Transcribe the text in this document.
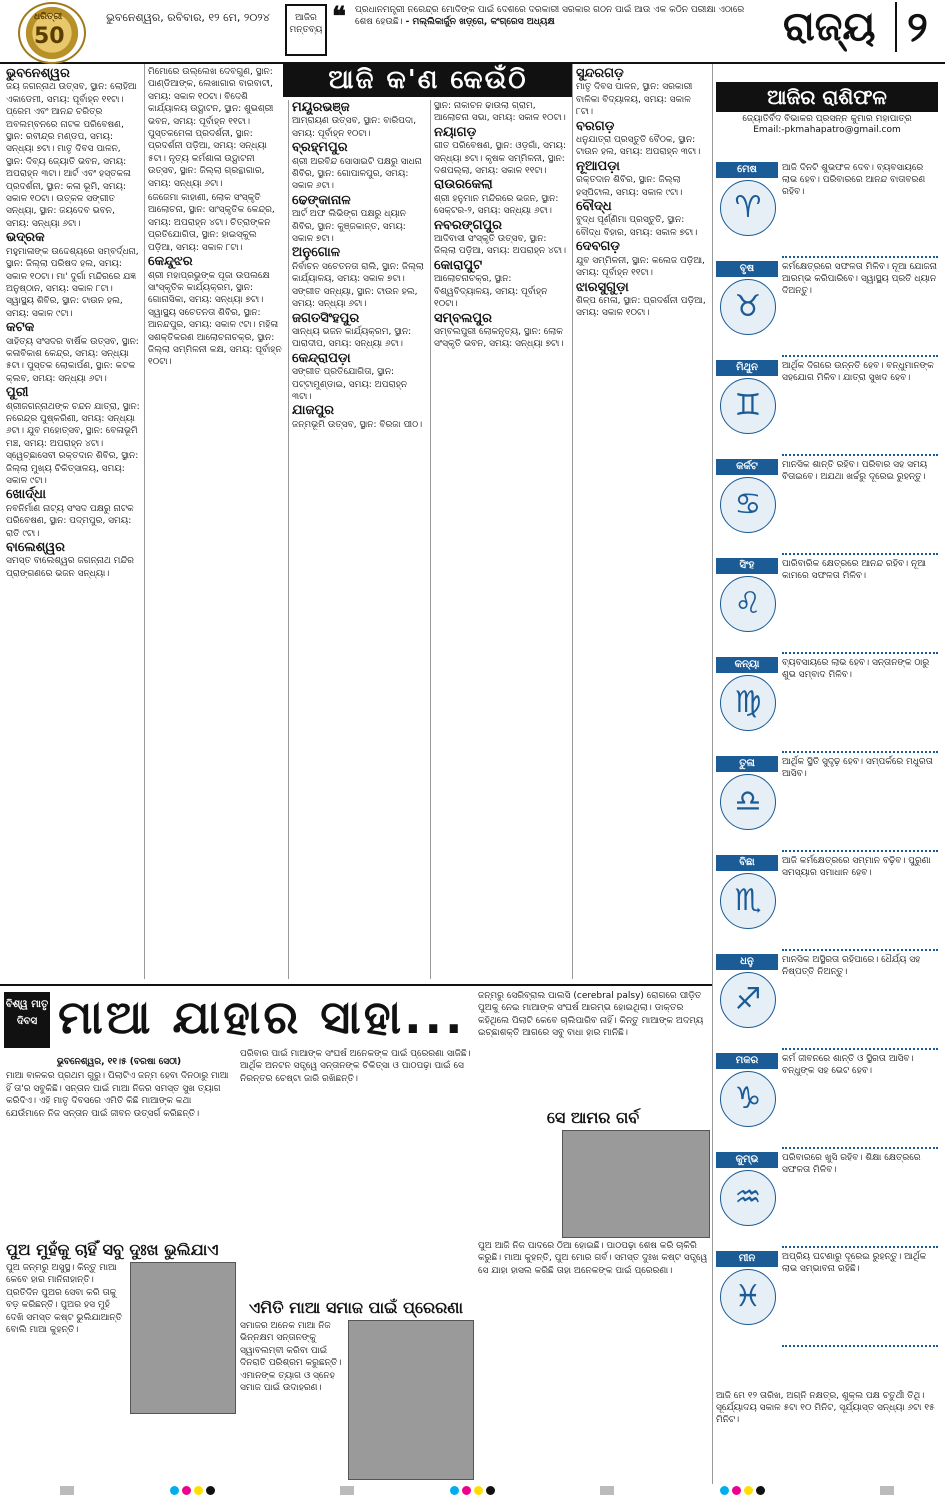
ଧରିତ୍ରୀ
50
ଭୁବନେଶ୍ୱର, ରବିବାର, ୧୨ ମେ, ୨୦୨୪	ଆଜିର ମନ୍ତବ୍ୟ ❝ ପ୍ରଧାନମନ୍ତ୍ରୀ ନରେନ୍ଦ୍ର ମୋଦିଙ୍କ ପାଇଁ ଦେଶରେ ଦରକାରୀ ସରକାର ଗଠନ ପାଇଁ ଆଉ ଏକ କଠିନ ପରୀକ୍ଷା ଏଠାରେ ଶେଷ ହେଉଛି। - ମଲ୍ଲିକାର୍ଜୁନ ଖଡ଼୍ଗେ, କଂଗ୍ରେସ ଅଧ୍ୟକ୍ଷ	ରାଜ୍ୟ ୨
ଆଜି କ'ଣ କେଉଁଠି
ଭୁବନେଶ୍ୱର

ଜୟ ଜଗନ୍ନାଥ ଉତ୍ସବ, ସ୍ଥାନ: ଲୋହିଆ ଏକାଡେମୀ, ସମୟ: ପୂର୍ବାହ୍ନ ୧୧ଟା। ପ୍ରେମ ଏବଂ ଆନନ୍ଦ ଚରିତ୍ର ଅବଲମ୍ବନରେ ନାଟକ ପରିବେଷଣ, ସ୍ଥାନ: ରବୀନ୍ଦ୍ର ମଣ୍ଡପ, ସମୟ: ସନ୍ଧ୍ୟା ୭ଟା। ମାତୃ ଦିବସ ପାଳନ, ସ୍ଥାନ: ଦିବ୍ୟ ଜ୍ୟୋତି ଭବନ, ସମୟ: ଅପରାହ୍ନ ୩ଟା। ଆର୍ଟ ଏବଂ ହସ୍ତକଳା ପ୍ରଦର୍ଶନୀ, ସ୍ଥାନ: କଳା ଭୂମି, ସମୟ: ସକାଳ ୧୦ଟା। ଉତ୍କଳ ସଙ୍ଗୀତ ସନ୍ଧ୍ୟା, ସ୍ଥାନ: ଜୟଦେବ ଭବନ, ସମୟ: ସନ୍ଧ୍ୟା ୬ଟା।

ଭଦ୍ରକ

ମହୁମାଳାଙ୍କ ଉଦ୍ଦେଶ୍ୟରେ ସମ୍ବର୍ଦ୍ଧନା, ସ୍ଥାନ: ଜିଲ୍ଲା ପରିଷଦ ହଲ, ସମୟ: ସକାଳ ୧୦ଟା। ମା' ଦୁର୍ଗା ମନ୍ଦିରରେ ଯଜ୍ଞ ଅନୁଷ୍ଠାନ, ସମୟ: ସକାଳ ୮ଟା। ସ୍ୱାସ୍ଥ୍ୟ ଶିବିର, ସ୍ଥାନ: ଟାଉନ ହଲ, ସମୟ: ସକାଳ ୯ଟା।

କଟକ

ସାହିତ୍ୟ ସଂସଦର ବାର୍ଷିକ ଉତ୍ସବ, ସ୍ଥାନ: କଳାବିକାଶ କେନ୍ଦ୍ର, ସମୟ: ସନ୍ଧ୍ୟା ୫ଟା। ପୁସ୍ତକ ଲୋକାର୍ପଣ, ସ୍ଥାନ: କଟକ କ୍ଲବ, ସମୟ: ସନ୍ଧ୍ୟା ୬ଟା।

ପୁରୀ

ଶ୍ରୀଜଗନ୍ନାଥଙ୍କ ଚନ୍ଦନ ଯାତ୍ରା, ସ୍ଥାନ: ନରେନ୍ଦ୍ର ପୁଷ୍କରିଣୀ, ସମୟ: ସନ୍ଧ୍ୟା ୬ଟା। ଯୁବ ମହୋତ୍ସବ, ସ୍ଥାନ: ବେଳାଭୂମି ମଞ୍ଚ, ସମୟ: ଅପରାହ୍ନ ୪ଟା। ସ୍ୱେଚ୍ଛାସେବୀ ରକ୍ତଦାନ ଶିବିର, ସ୍ଥାନ: ଜିଲ୍ଲା ମୁଖ୍ୟ ଚିକିତ୍ସାଳୟ, ସମୟ: ସକାଳ ୯ଟା।

ଖୋର୍ଦ୍ଧା

ନବନିର୍ମାଣ ନାଟ୍ୟ ସଂସଦ ପକ୍ଷରୁ ନାଟକ ପରିବେଷଣ, ସ୍ଥାନ: ପଦ୍ମପୁର, ସମୟ: ରାତି ୯ଟା।

ବାଲେଶ୍ୱର

ସମସ୍ତ ବାଲେଶ୍ୱର ଜଗନ୍ନାଥ ମନ୍ଦିର ପ୍ରାଙ୍ଗଣରେ ଭଜନ ସନ୍ଧ୍ୟା।

ମିମୋରେ ଉଲ୍ଲେଖ ଦେବଗୁଣ, ସ୍ଥାନ: ପାଣ୍ଡିଆଙ୍କ, ଲେଖାଗାର ବାରବାଟୀ, ସମୟ: ସକାଳ ୧୦ଟା। ବିଦେଶି କାର୍ଯ୍ୟାଳୟ ଉଦ୍ଘାଟନ, ସ୍ଥାନ: ଶୁଭଶ୍ରୀ ଭବନ, ସମୟ: ପୂର୍ବାହ୍ନ ୧୧ଟା। ପୁସ୍ତକମେଳା ପ୍ରଦର୍ଶନୀ, ସ୍ଥାନ: ପ୍ରଦର୍ଶନୀ ପଡ଼ିଆ, ସମୟ: ସନ୍ଧ୍ୟା ୫ଟା। ନୃତ୍ୟ କର୍ମଶାଳା ଉଦ୍ଘାଟନୀ ଉତ୍ସବ, ସ୍ଥାନ: ଜିଲ୍ଲା ଗ୍ରନ୍ଥାଗାର, ସମୟ: ସନ୍ଧ୍ୟା ୬ଟା।

ଜେଜେମା କାହାଣୀ, ଲୋକ ସଂସ୍କୃତି ଆଲୋଚନା, ସ୍ଥାନ: ସାଂସ୍କୃତିକ କେନ୍ଦ୍ର, ସମୟ: ଅପରାହ୍ନ ୪ଟା। ଚିତ୍ରାଙ୍କନ ପ୍ରତିଯୋଗିତା, ସ୍ଥାନ: ହାଇସ୍କୁଲ ପଡ଼ିଆ, ସମୟ: ସକାଳ ୮ଟା।

କେନ୍ଦୁଝର

ଶ୍ରୀ ମହାପ୍ରଭୁଙ୍କ ପୂଜା ଉପଲକ୍ଷେ ସାଂସ୍କୃତିକ କାର୍ଯ୍ୟକ୍ରମ, ସ୍ଥାନ: ଗୋନାସିକା, ସମୟ: ସନ୍ଧ୍ୟା ୭ଟା। ସ୍ୱାସ୍ଥ୍ୟ ସଚେତନତା ଶିବିର, ସ୍ଥାନ: ଆନନ୍ଦପୁର, ସମୟ: ସକାଳ ୯ଟା। ମହିଳା ସଶକ୍ତିକରଣ ଆଲୋଚନାଚକ୍ର, ସ୍ଥାନ: ଜିଲ୍ଲା ସମ୍ମିଳନୀ କକ୍ଷ, ସମୟ: ପୂର୍ବାହ୍ନ ୧୦ଟା।

ମୟୂରଭଞ୍ଜ

ଆମ୍ରାୟଣ ଉତ୍ସବ, ସ୍ଥାନ: ବାରିପଦା, ସମୟ: ପୂର୍ବାହ୍ନ ୧୦ଟା।

ବ୍ରହ୍ମପୁର

ଶ୍ରୀ ଅରବିନ୍ଦ ସୋସାଇଟି ପକ୍ଷରୁ ସାଧନା ଶିବିର, ସ୍ଥାନ: ଗୋପାଳପୁର, ସମୟ: ସକାଳ ୬ଟା।

ଢେଙ୍କାନାଳ

ଆର୍ଟ ଅଫ ଲିଭିଙ୍ଗ ପକ୍ଷରୁ ଧ୍ୟାନ ଶିବିର, ସ୍ଥାନ: କୁଞ୍ଜକାନ୍ତ, ସମୟ: ସକାଳ ୭ଟା।

ଅନୁଗୋଳ

ନିର୍ବାଚନ ସଚେତନତା ରାଲି, ସ୍ଥାନ: ଜିଲ୍ଲା କାର୍ଯ୍ୟାଳୟ, ସମୟ: ସକାଳ ୭ଟା। ସଙ୍ଗୀତ ସନ୍ଧ୍ୟା, ସ୍ଥାନ: ଟାଉନ ହଲ, ସମୟ: ସନ୍ଧ୍ୟା ୬ଟା।

ଜଗତସିଂହପୁର

ସାନ୍ଧ୍ୟ ଭଜନ କାର୍ଯ୍ୟକ୍ରମ, ସ୍ଥାନ: ପାରାଦୀପ, ସମୟ: ସନ୍ଧ୍ୟା ୬ଟା।

କେନ୍ଦ୍ରାପଡ଼ା

ସଙ୍ଗୀତ ପ୍ରତିଯୋଗିତା, ସ୍ଥାନ: ପଟ୍ଟାମୁଣ୍ଡାଇ, ସମୟ: ଅପରାହ୍ନ ୩ଟା।

ଯାଜପୁର

ଜନ୍ମଭୂମି ଉତ୍ସବ, ସ୍ଥାନ: ବିରଜା ପୀଠ।

ସ୍ଥାନ: ନାକାଚନ ଢାଉଲା ଗ୍ରାମ, ଆଲୋଚନା ସଭା, ସମୟ: ସକାଳ ୧୦ଟା।

ନୟାଗଡ଼

ଗୀତ ପରିବେଷଣ, ସ୍ଥାନ: ଓଡ଼ଗାଁ, ସମୟ: ସନ୍ଧ୍ୟା ୭ଟା। କୃଷକ ସମ୍ମିଳନୀ, ସ୍ଥାନ: ଦଶପଲ୍ଲା, ସମୟ: ସକାଳ ୧୧ଟା।

ରାଉରକେଲା

ଶ୍ରୀ ହନୁମାନ ମନ୍ଦିରରେ ଭଜନ, ସ୍ଥାନ: ସେକ୍ଟର-୨, ସମୟ: ସନ୍ଧ୍ୟା ୬ଟା।

ନବରଙ୍ଗପୁର

ଆଦିବାସୀ ସଂସ୍କୃତି ଉତ୍ସବ, ସ୍ଥାନ: ଜିଲ୍ଲା ପଡ଼ିଆ, ସମୟ: ଅପରାହ୍ନ ୪ଟା।

କୋରାପୁଟ

ଆଲୋଚନାଚକ୍ର, ସ୍ଥାନ: ବିଶ୍ୱବିଦ୍ୟାଳୟ, ସମୟ: ପୂର୍ବାହ୍ନ ୧୦ଟା।

ସମ୍ବଲପୁର

ସମ୍ବଲପୁରୀ ଲୋକନୃତ୍ୟ, ସ୍ଥାନ: ଲୋକ ସଂସ୍କୃତି ଭବନ, ସମୟ: ସନ୍ଧ୍ୟା ୭ଟା।

ସୁନ୍ଦରଗଡ଼

ମାତୃ ଦିବସ ପାଳନ, ସ୍ଥାନ: ସରକାରୀ ବାଳିକା ବିଦ୍ୟାଳୟ, ସମୟ: ସକାଳ ୮ଟା।

ବରଗଡ଼

ଧନୁଯାତ୍ରା ପ୍ରସ୍ତୁତି ବୈଠକ, ସ୍ଥାନ: ଟାଉନ ହଲ, ସମୟ: ଅପରାହ୍ନ ୩ଟା।

ନୂଆପଡ଼ା

ରକ୍ତଦାନ ଶିବିର, ସ୍ଥାନ: ଜିଲ୍ଲା ହସ୍ପିଟାଲ, ସମୟ: ସକାଳ ୯ଟା।

ବୌଦ୍ଧ

ବୁଦ୍ଧ ପୂର୍ଣ୍ଣିମା ପ୍ରସ୍ତୁତି, ସ୍ଥାନ: ବୌଦ୍ଧ ବିହାର, ସମୟ: ସକାଳ ୭ଟା।

ଦେବଗଡ଼

ଯୁବ ସମ୍ମିଳନୀ, ସ୍ଥାନ: କଲେଜ ପଡ଼ିଆ, ସମୟ: ପୂର୍ବାହ୍ନ ୧୧ଟା।

ଝାରସୁଗୁଡ଼ା

ଶିଳ୍ପ ମେଳା, ସ୍ଥାନ: ପ୍ରଦର୍ଶନୀ ପଡ଼ିଆ, ସମୟ: ସକାଳ ୧୦ଟା।

ଆଜିର ରାଶିଫଳ
ଜ୍ୟୋତିର୍ବିଦ ବିଭାକର ପ୍ରସନ୍ନ କୁମାର ମହାପାତ୍ର
Email:-pkmahapatro@gmail.com
ମେଷ
♈
ଆଜି ଦିନଟି ଶୁଭଫଳ ଦେବ। ବ୍ୟବସାୟରେ ଲାଭ ହେବ। ପରିବାରରେ ଆନନ୍ଦ ବାତାବରଣ ରହିବ।
ବୃଷ
♉
କର୍ମକ୍ଷେତ୍ରରେ ସଫଳତା ମିଳିବ। ନୂଆ ଯୋଜନା ଆରମ୍ଭ କରିପାରିବେ। ସ୍ୱାସ୍ଥ୍ୟ ପ୍ରତି ଧ୍ୟାନ ଦିଅନ୍ତୁ।
ମିଥୁନ
♊
ଆର୍ଥିକ ଦିଗରେ ଉନ୍ନତି ହେବ। ବନ୍ଧୁମାନଙ୍କ ସହଯୋଗ ମିଳିବ। ଯାତ୍ରା ସୁଖଦ ହେବ।
କର୍କଟ
♋
ମାନସିକ ଶାନ୍ତି ରହିବ। ପରିବାର ସହ ସମୟ ବିତାଇବେ। ଅଯଥା ଖର୍ଚ୍ଚରୁ ଦୂରେଇ ରୁହନ୍ତୁ।
ସିଂହ
♌
ପାରିବାରିକ କ୍ଷେତ୍ରରେ ଆନନ୍ଦ ରହିବ। ନୂଆ କାମରେ ସଫଳତା ମିଳିବ।
କନ୍ୟା
♍
ବ୍ୟବସାୟରେ ଲାଭ ହେବ। ସନ୍ତାନଙ୍କ ଠାରୁ ଶୁଭ ସମ୍ବାଦ ମିଳିବ।
ତୁଳା
♎
ଆର୍ଥିକ ସ୍ଥିତି ସୁଦୃଢ଼ ହେବ। ସମ୍ପର୍କରେ ମଧୁରତା ଆସିବ।
ବିଛା
♏
ଆଜି କର୍ମକ୍ଷେତ୍ରରେ ସମ୍ମାନ ବଢ଼ିବ। ପୁରୁଣା ସମସ୍ୟାର ସମାଧାନ ହେବ।
ଧନୁ
♐
ମାନସିକ ଅସ୍ଥିରତା ରହିପାରେ। ଧୈର୍ଯ୍ୟ ସହ ନିଷ୍ପତ୍ତି ନିଅନ୍ତୁ।
ମକର
♑
କର୍ମ ଜୀବନରେ ଶାନ୍ତି ଓ ସ୍ଥିରତା ଆସିବ। ବନ୍ଧୁଙ୍କ ସହ ଭେଟ ହେବ।
କୁମ୍ଭ
♒
ପରିବାରରେ ଖୁସି ରହିବ। ଶିକ୍ଷା କ୍ଷେତ୍ରରେ ସଫଳତା ମିଳିବ।
ମୀନ
♓
ଅପ୍ରିୟ ଘଟଣାରୁ ଦୂରେଇ ରୁହନ୍ତୁ। ଆର୍ଥିକ ଲାଭ ସମ୍ଭାବନା ରହିଛି।
ଆଜି ମେ ୧୨ ତାରିଖ, ଅଗ୍ନି ନକ୍ଷତ୍ର, ଶୁକ୍ଲ ପକ୍ଷ ଚତୁର୍ଥୀ ତିଥି। ସୂର୍ଯ୍ୟୋଦୟ ସକାଳ ୫ଟା ୧୦ ମିନିଟ, ସୂର୍ଯ୍ୟାସ୍ତ ସନ୍ଧ୍ୟା ୬ଟା ୧୫ ମିନିଟ।
ବିଶ୍ୱ ମାତୃ ଦିବସ ମାଆ ଯାହାର ସାହା...

ଭୁବନେଶ୍ୱର, ୧୧।୫ (ବରଷା ସେଠୀ)

ମାଆ ବାଳକର ପ୍ରଥମ ଗୁରୁ। ପିଲାଟିଏ ଜନ୍ମ ହେବା ଦିନଠାରୁ ମାଆ ହିଁ ତା'ର ସବୁକିଛି। ସନ୍ତାନ ପାଇଁ ମାଆ ନିଜର ସମସ୍ତ ସୁଖ ତ୍ୟାଗ କରିଦିଏ। ଏହି ମାତୃ ଦିବସରେ ଏମିତି କିଛି ମାଆଙ୍କ କଥା ଯେଉଁମାନେ ନିଜ ସନ୍ତାନ ପାଇଁ ଜୀବନ ଉତ୍ସର୍ଗ କରିଛନ୍ତି।

ପୁଅ ମୁହଁକୁ ଚାହିଁ ସବୁ ଦୁଃଖ ଭୁଲିଯାଏ

ପୁଅ ଜନ୍ମରୁ ଅସୁସ୍ଥ। କିନ୍ତୁ ମାଆ କେବେ ହାର ମାନିନାହାନ୍ତି। ପ୍ରତିଦିନ ପୁଅର ସେବା କରି ତାକୁ ବଡ଼ କରିଛନ୍ତି। ପୁଅର ହସ ମୁହଁ ଦେଖି ସମସ୍ତ କଷ୍ଟ ଭୁଲିଯାଆନ୍ତି ବୋଲି ମାଆ କୁହନ୍ତି।

ପରିବାର ପାଇଁ ମାଆଙ୍କ ସଂଘର୍ଷ ଅନେକଙ୍କ ପାଇଁ ପ୍ରେରଣା ସାଜିଛି। ଆର୍ଥିକ ଅନଟନ ସତ୍ତ୍ୱେ ସନ୍ତାନଙ୍କ ଚିକିତ୍ସା ଓ ପାଠପଢ଼ା ପାଇଁ ସେ ନିରନ୍ତର ଚେଷ୍ଟା ଜାରି ରଖିଛନ୍ତି।

ଏମିତି ମାଆ ସମାଜ ପାଇଁ ପ୍ରେରଣା

ସମାଜର ଅନେକ ମାଆ ନିଜ ଭିନ୍ନକ୍ଷମ ସନ୍ତାନଙ୍କୁ ସ୍ୱାବଲମ୍ବୀ କରିବା ପାଇଁ ଦିନରାତି ପରିଶ୍ରମ କରୁଛନ୍ତି। ଏମାନଙ୍କ ତ୍ୟାଗ ଓ ସ୍ନେହ ସମାଜ ପାଇଁ ଉଦାହରଣ।

ଜନ୍ମରୁ ସେରିବ୍ରାଲ ପାଲସି (cerebral palsy) ରୋଗରେ ପୀଡ଼ିତ ପୁଅକୁ ନେଇ ମାଆଙ୍କ ସଂଘର୍ଷ ଆରମ୍ଭ ହୋଇଥିଲା। ଡାକ୍ତର କହିଥିଲେ ପିଲାଟି କେବେ ଚାଲିପାରିବ ନାହିଁ। କିନ୍ତୁ ମାଆଙ୍କ ଅଦମ୍ୟ ଇଚ୍ଛାଶକ୍ତି ଆଗରେ ସବୁ ବାଧା ହାର ମାନିଛି।

ସେ ଆମର ଗର୍ବ

ପୁଅ ଆଜି ନିଜ ପାଦରେ ଠିଆ ହୋଇଛି। ପାଠପଢ଼ା ଶେଷ କରି ଚାକିରି କରୁଛି। ମାଆ କୁହନ୍ତି, ପୁଅ ମୋର ଗର୍ବ। ସମସ୍ତ ଦୁଃଖ କଷ୍ଟ ସତ୍ତ୍ୱେ ସେ ଯାହା ହାସଲ କରିଛି ତାହା ଅନେକଙ୍କ ପାଇଁ ପ୍ରେରଣା।
